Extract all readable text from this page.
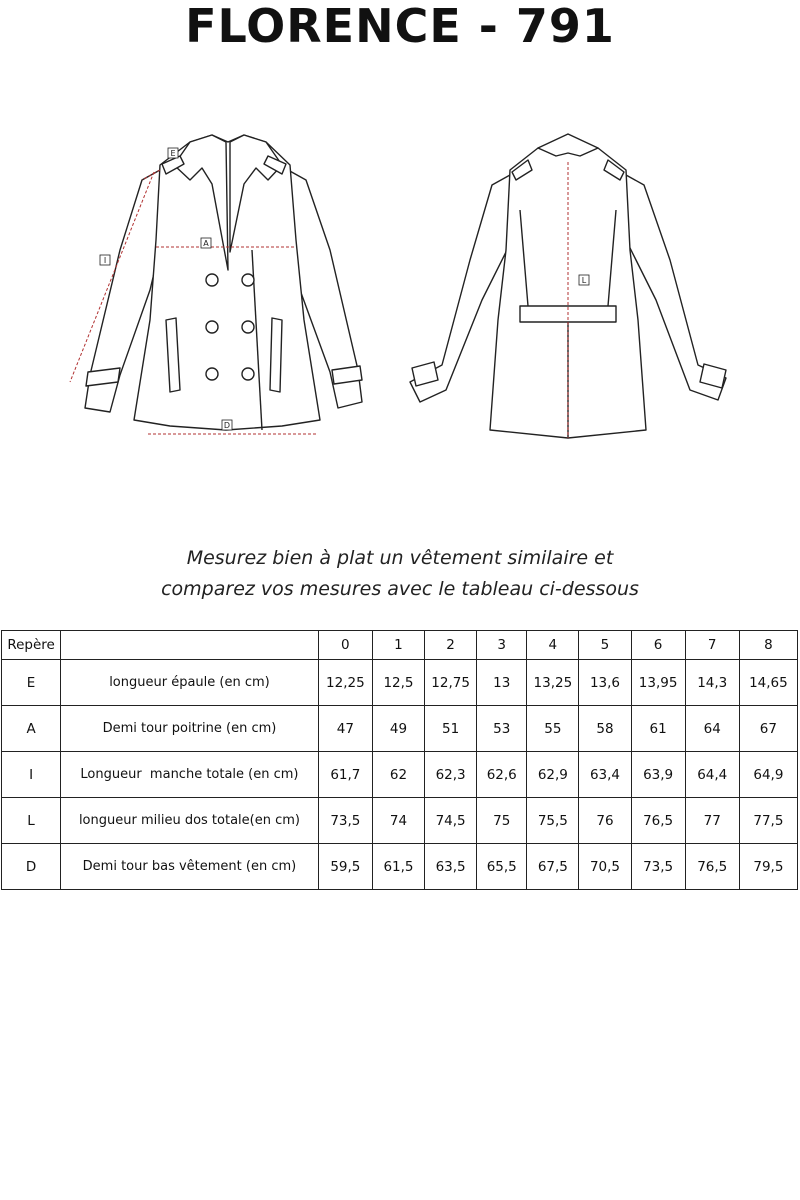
FLORENCE - 791
E
A
I
D
L
Mesurez bien à plat un vêtement similaire et
comparez vos mesures avec le tableau ci-dessous
Repère		0	1	2	3	4	5	6	7	8
E	longueur épaule (en cm)	12,25	12,5	12,75	13	13,25	13,6	13,95	14,3	14,65
A	Demi tour poitrine (en cm)	47	49	51	53	55	58	61	64	67
I	Longueur  manche totale (en cm)	61,7	62	62,3	62,6	62,9	63,4	63,9	64,4	64,9
L	longueur milieu dos totale(en cm)	73,5	74	74,5	75	75,5	76	76,5	77	77,5
D	Demi tour bas vêtement (en cm)	59,5	61,5	63,5	65,5	67,5	70,5	73,5	76,5	79,5
